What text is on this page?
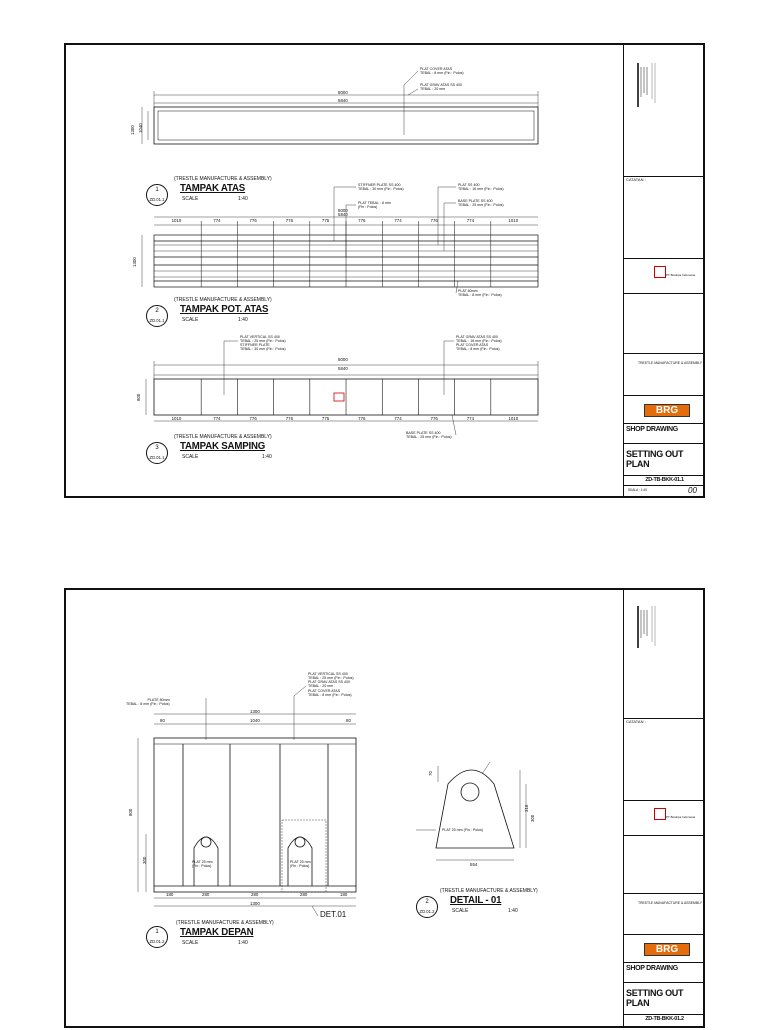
8000
5840
1300 1040
PLAT COVER ATAS
TEBAL : 8 mm (Fin : Polos)
PLAT GRAV ATAS SS 400
TEBAL : 20 mm
1
ZD.01.1
(TRESTLE MANUFACTURE & ASSEMBLY)
TAMPAK ATAS
SCALE	1:40
1010	774	776	776	775	776	774	776	774	1010
8000
5840
1300
STIFFNER PLATE SS 400
TEBAL : 30 mm (Fin : Polos)
PLAT TEBAL : 8 mm
(Fin : Polos)
PLAT SS 400
TEBAL : 16 mm (Fin : Polos)
BASE PLATE SS 400
TEBAL : 25 mm (Fin : Polos)
PLAT 80mm
TEBAL : 8 mm (Fin : Polos)
2
ZD.01.1
(TRESTLE MANUFACTURE & ASSEMBLY)
TAMPAK POT. ATAS
SCALE	1:40
1010	774	776	776	775	776	774	776	774	1010
8000
5840
800
PLAT VERTICAL SS 400
TEBAL : 25 mm (Fin : Polos)
STIFFNER PLATE
TEBAL : 30 mm (Fin : Polos)
PLAT GRAV ATAS SS 400
TEBAL : 16 mm (Fin : Polos)
PLAT COVER ATAS
TEBAL : 8 mm (Fin : Polos)
BASE PLATE SS 400
TEBAL : 25 mm (Fin : Polos)
3
ZD.01.1
(TRESTLE MANUFACTURE & ASSEMBLY)
TAMPAK SAMPING
SCALE	1:40
CATATAN :
PT Boskipa Indonesia
TRESTLE MANUFACTURE & ASSEMBLY
BRG
SHOP DRAWING
SETTING OUT PLAN
ZD-TB-BKK-01.1
SKALA : 1:40	00
PLATE 80mm
TEBAL : 8 mm (Fin : Polos)
PLAT VERTICAL SS 400
TEBAL : 25 mm (Fin : Polos)
PLAT GRAV ATAS SS 400
TEBAL : 20 mm
PLAT COVER ATAS
TEBAL : 8 mm (Fin : Polos)
1300
1040
80	80
800
300	PLAT 25 mm
(Fin : Polos)
PLAT 25 mm
(Fin : Polos)
180	280	280	280	180
1300
DET.01
1
ZD.01.2
(TRESTLE MANUFACTURE & ASSEMBLY)
TAMPAK DEPAN
SCALE	1:40
PLAT 25 mm (Fin : Polos)
316
300
554
70
2
ZD.01.2
(TRESTLE MANUFACTURE & ASSEMBLY)
DETAIL - 01
SCALE	1:40
CATATAN :
PT Boskipa Indonesia
TRESTLE MANUFACTURE & ASSEMBLY
BRG
SHOP DRAWING
SETTING OUT PLAN
ZD-TB-BKK-01.2
